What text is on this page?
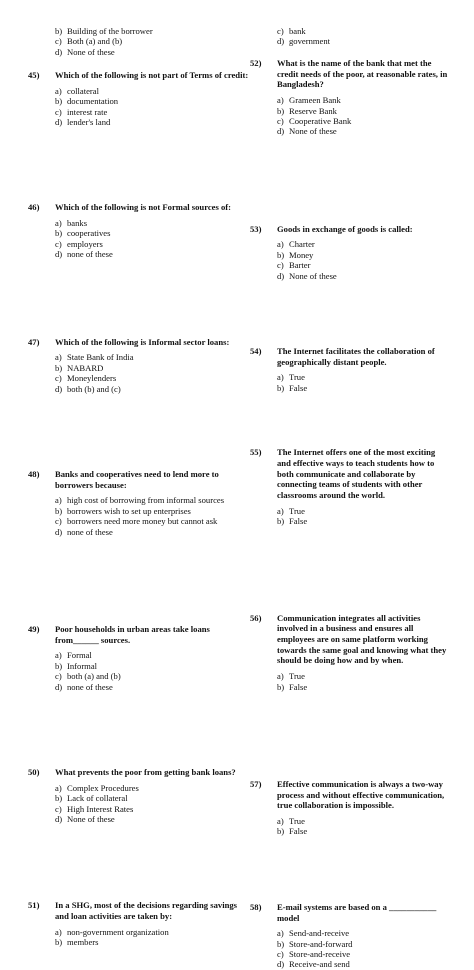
b) Building of the borrower
c) Both (a) and (b)
d) None of these
45) Which of the following is not part of Terms of credit:
a) collateral
b) documentation
c) interest rate
d) lender's land
46) Which of the following is not Formal sources of:
a) banks
b) cooperatives
c) employers
d) none of these
47) Which of the following is Informal sector loans:
a) State Bank of India
b) NABARD
c) Moneylenders
d) both (b) and (c)
48) Banks and cooperatives need to lend more to borrowers because:
a) high cost of borrowing from informal sources
b) borrowers wish to set up enterprises
c) borrowers need more money but cannot ask
d) none of these
49) Poor households in urban areas take loans from______ sources.
a) Formal
b) Informal
c) both (a) and (b)
d) none of these
50) What prevents the poor from getting bank loans?
a) Complex Procedures
b) Lack of collateral
c) High Interest Rates
d) None of these
51) In a SHG, most of the decisions regarding savings and loan activities are taken by:
a) non-government organization
b) members
c) bank
d) government
52) What is the name of the bank that met the credit needs of the poor, at reasonable rates, in Bangladesh?
a) Grameen Bank
b) Reserve Bank
c) Cooperative Bank
d) None of these
53) Goods in exchange of goods is called:
a) Charter
b) Money
c) Barter
d) None of these
54) The Internet facilitates the collaboration of geographically distant people.
a) True
b) False
55) The Internet offers one of the most exciting and effective ways to teach students how to both communicate and collaborate by connecting teams of students with other classrooms around the world.
a) True
b) False
56) Communication integrates all activities involved in a business and ensures all employees are on same platform working towards the same goal and knowing what they should be doing how and by when.
a) True
b) False
57) Effective communication is always a two-way process and without effective communication, true collaboration is impossible.
a) True
b) False
58) E-mail systems are based on a ___________ model
a) Send-and-receive
b) Store-and-forward
c) Store-and-receive
d) Receive-and send
